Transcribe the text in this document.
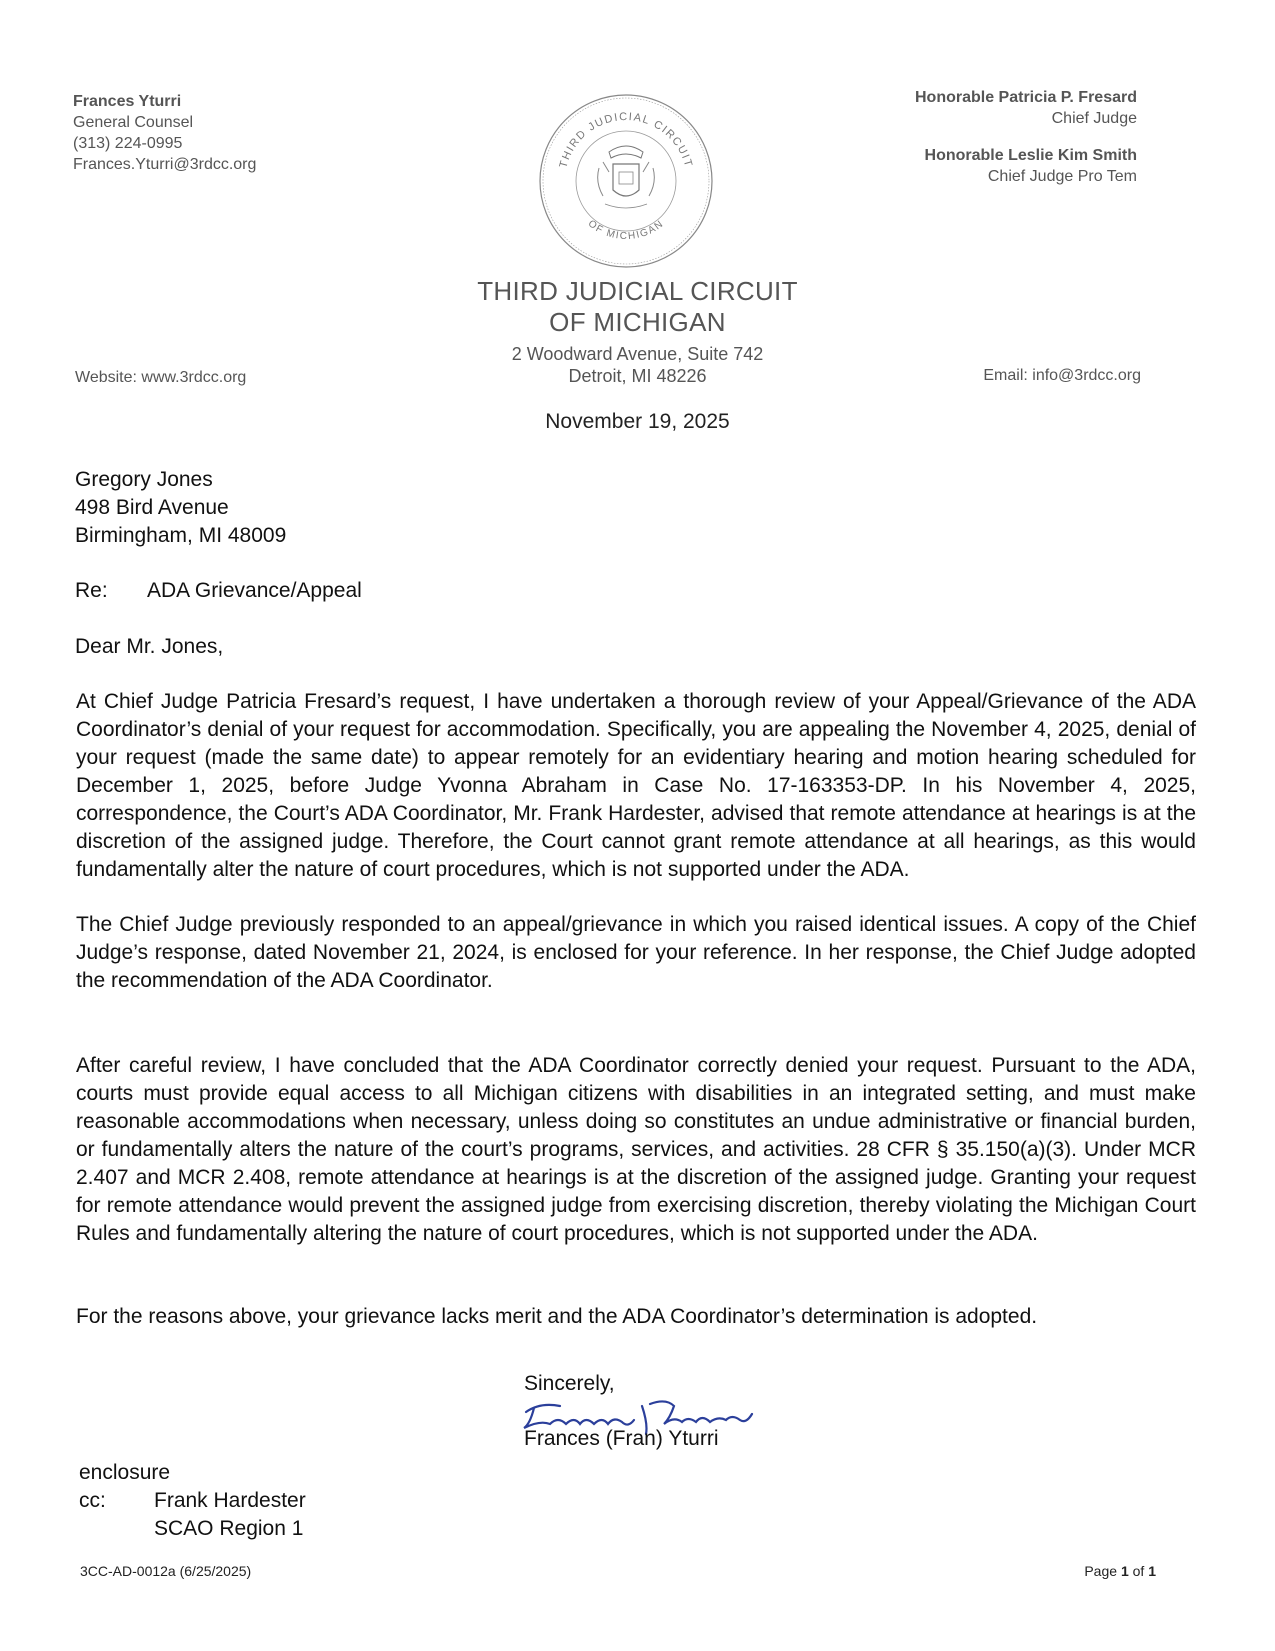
Frances Yturri
General Counsel
(313) 224-0995
Frances.Yturri@3rdcc.org	THIRD JUDICIAL CIRCUIT
OF MICHIGAN
Honorable Patricia P. Fresard
Chief Judge
Honorable Leslie Kim Smith
Chief Judge Pro Tem
THIRD JUDICIAL CIRCUIT
OF MICHIGAN
2 Woodward Avenue, Suite 742
Detroit, MI 48226
Website: www.3rdcc.org	Email: info@3rdcc.org
November 19, 2025
Gregory Jones
498 Bird Avenue
Birmingham, MI 48009
Re: ADA Grievance/Appeal
Dear Mr. Jones,
At Chief Judge Patricia Fresard’s request, I have undertaken a thorough review of your Appeal/Grievance of the ADA Coordinator’s denial of your request for accommodation. Specifically, you are appealing the November 4, 2025, denial of your request (made the same date) to appear remotely for an evidentiary hearing and motion hearing scheduled for December 1, 2025, before Judge Yvonna Abraham in Case No. 17-163353-DP. In his November 4, 2025, correspondence, the Court’s ADA Coordinator, Mr. Frank Hardester, advised that remote attendance at hearings is at the discretion of the assigned judge. Therefore, the Court cannot grant remote attendance at all hearings, as this would fundamentally alter the nature of court procedures, which is not supported under the ADA.
The Chief Judge previously responded to an appeal/grievance in which you raised identical issues. A copy of the Chief Judge’s response, dated November 21, 2024, is enclosed for your reference. In her response, the Chief Judge adopted the recommendation of the ADA Coordinator.
After careful review, I have concluded that the ADA Coordinator correctly denied your request. Pursuant to the ADA, courts must provide equal access to all Michigan citizens with disabilities in an integrated setting, and must make reasonable accommodations when necessary, unless doing so constitutes an undue administrative or financial burden, or fundamentally alters the nature of the court’s programs, services, and activities. 28 CFR § 35.150(a)(3). Under MCR 2.407 and MCR 2.408, remote attendance at hearings is at the discretion of the assigned judge. Granting your request for remote attendance would prevent the assigned judge from exercising discretion, thereby violating the Michigan Court Rules and fundamentally altering the nature of court procedures, which is not supported under the ADA.
For the reasons above, your grievance lacks merit and the ADA Coordinator’s determination is adopted.
Sincerely,
Frances (Fran) Yturri
enclosure
cc: Frank Hardester
SCAO Region 1
3CC-AD-0012a (6/25/2025)	Page 1 of 1
